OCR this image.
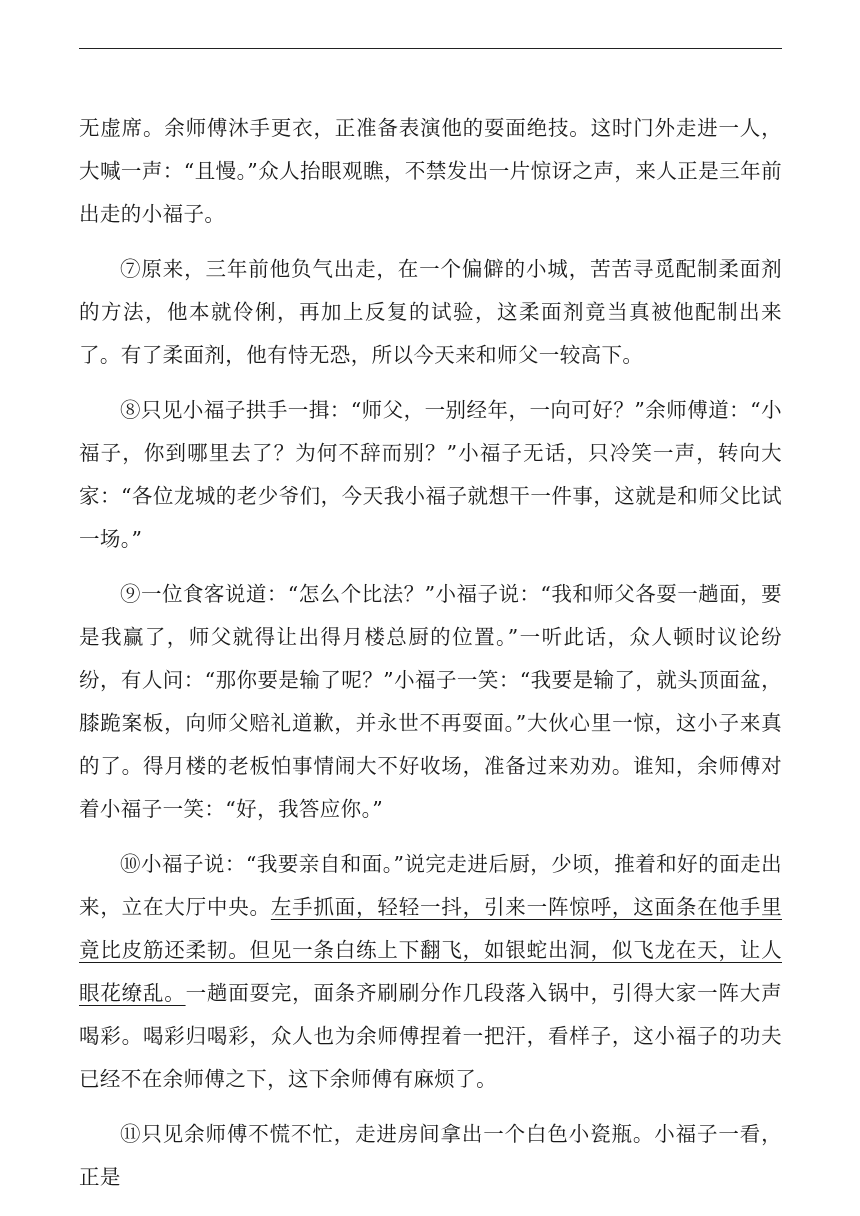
无虚席。余师傅沐手更衣，正准备表演他的耍面绝技。这时门外走进一人，大喊一声：“且慢。”众人抬眼观瞧，不禁发出一片惊讶之声，来人正是三年前出走的小福子。

⑦原来，三年前他负气出走，在一个偏僻的小城，苦苦寻觅配制柔面剂的方法，他本就伶俐，再加上反复的试验，这柔面剂竟当真被他配制出来了。有了柔面剂，他有恃无恐，所以今天来和师父一较高下。

⑧只见小福子拱手一揖：“师父，一别经年，一向可好？”余师傅道：“小福子，你到哪里去了？为何不辞而别？”小福子无话，只冷笑一声，转向大家：“各位龙城的老少爷们，今天我小福子就想干一件事，这就是和师父比试一场。”

⑨一位食客说道：“怎么个比法？”小福子说：“我和师父各耍一趟面，要是我赢了，师父就得让出得月楼总厨的位置。”一听此话，众人顿时议论纷纷，有人问：“那你要是输了呢？”小福子一笑：“我要是输了，就头顶面盆，膝跪案板，向师父赔礼道歉，并永世不再耍面。”大伙心里一惊，这小子来真的了。得月楼的老板怕事情闹大不好收场，准备过来劝劝。谁知，余师傅对着小福子一笑：“好，我答应你。”

⑩小福子说：“我要亲自和面。”说完走进后厨，少顷，推着和好的面走出来，立在大厅中央。左手抓面，轻轻一抖，引来一阵惊呼，这面条在他手里竟比皮筋还柔韧。但见一条白练上下翻飞，如银蛇出洞，似飞龙在天，让人眼花缭乱。一趟面耍完，面条齐刷刷分作几段落入锅中，引得大家一阵大声喝彩。喝彩归喝彩，众人也为余师傅捏着一把汗，看样子，这小福子的功夫已经不在余师傅之下，这下余师傅有麻烦了。

⑪只见余师傅不慌不忙，走进房间拿出一个白色小瓷瓶。小福子一看，正是
